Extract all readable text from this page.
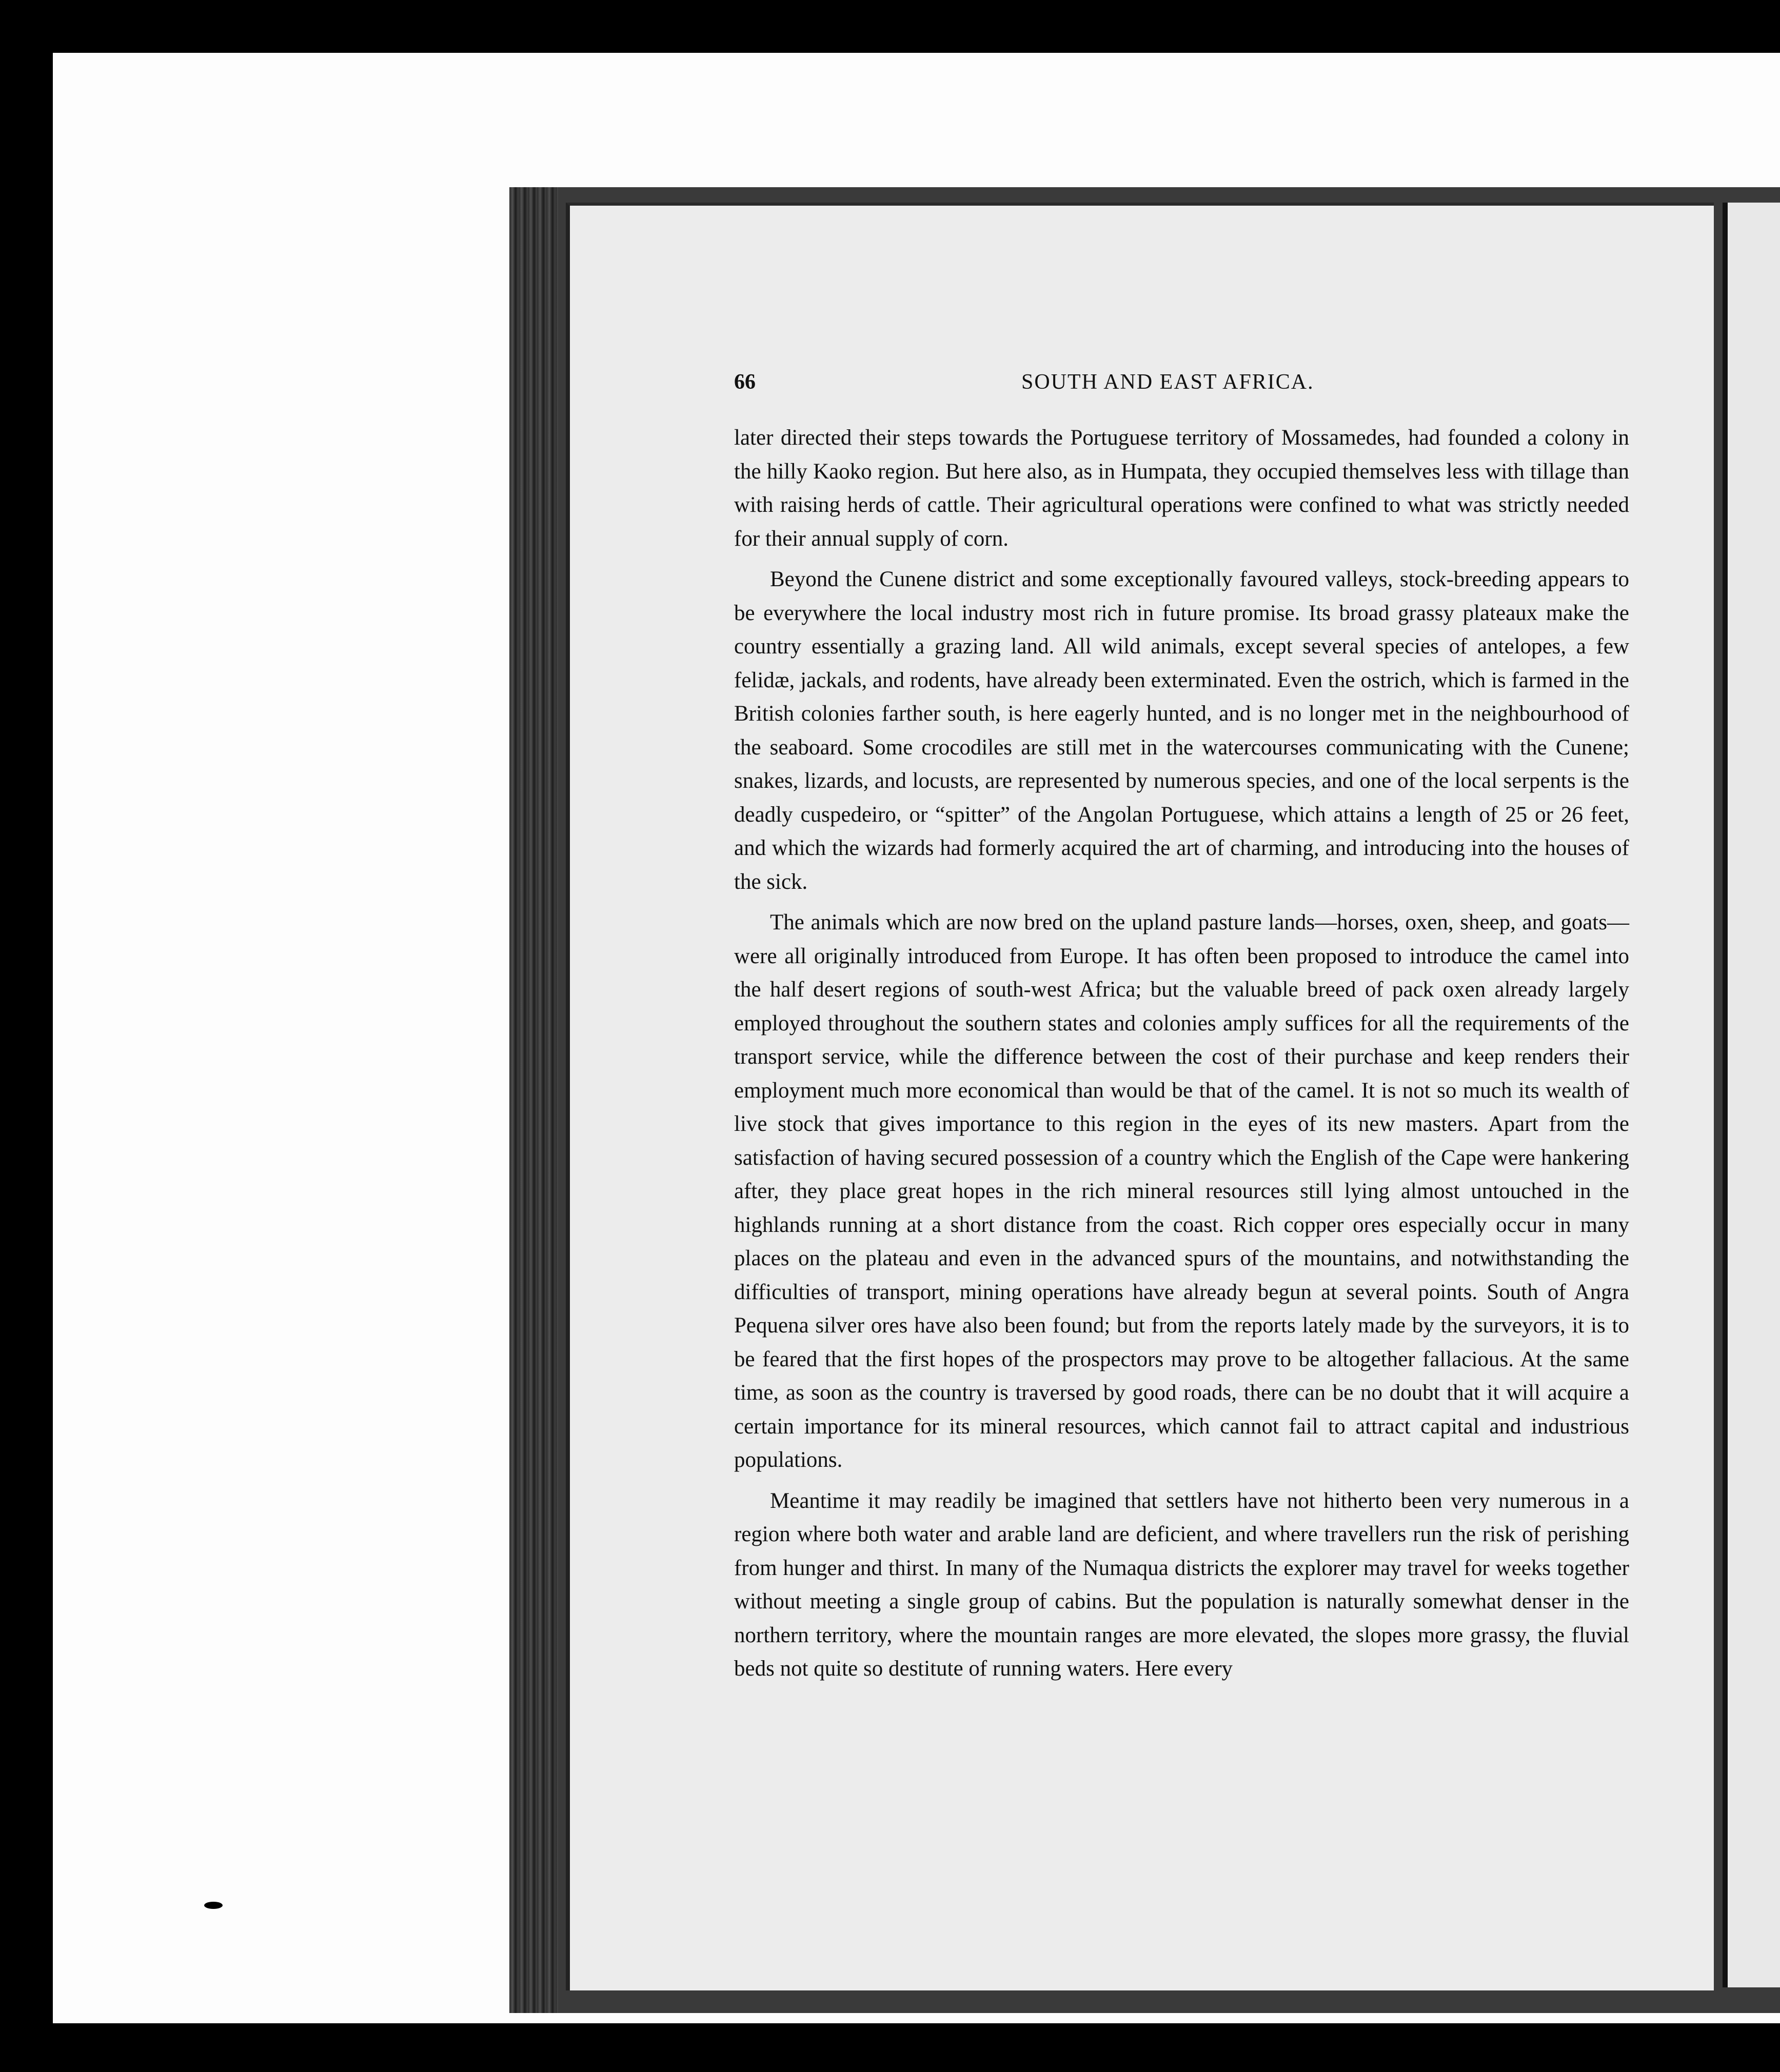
66	SOUTH AND EAST AFRICA.

later directed their steps towards the Portuguese territory of Mossamedes, had founded a colony in the hilly Kaoko region. But here also, as in Humpata, they occupied themselves less with tillage than with raising herds of cattle. Their agricultural operations were confined to what was strictly needed for their annual supply of corn.

Beyond the Cunene district and some exceptionally favoured valleys, stock-breeding appears to be everywhere the local industry most rich in future promise. Its broad grassy plateaux make the country essentially a grazing land. All wild animals, except several species of antelopes, a few felidæ, jackals, and rodents, have already been exterminated. Even the ostrich, which is farmed in the British colonies farther south, is here eagerly hunted, and is no longer met in the neighbourhood of the seaboard. Some crocodiles are still met in the watercourses communicating with the Cunene; snakes, lizards, and locusts, are represented by numerous species, and one of the local serpents is the deadly cuspedeiro, or “spitter” of the Angolan Portuguese, which attains a length of 25 or 26 feet, and which the wizards had formerly acquired the art of charming, and introducing into the houses of the sick.

The animals which are now bred on the upland pasture lands—horses, oxen, sheep, and goats—were all originally introduced from Europe. It has often been proposed to introduce the camel into the half desert regions of south-west Africa; but the valuable breed of pack oxen already largely employed throughout the southern states and colonies amply suffices for all the requirements of the transport service, while the difference between the cost of their purchase and keep renders their employment much more economical than would be that of the camel. It is not so much its wealth of live stock that gives importance to this region in the eyes of its new masters. Apart from the satisfaction of having secured possession of a country which the English of the Cape were hankering after, they place great hopes in the rich mineral resources still lying almost untouched in the highlands running at a short distance from the coast. Rich copper ores especially occur in many places on the plateau and even in the advanced spurs of the mountains, and notwithstanding the difficulties of transport, mining operations have already begun at several points. South of Angra Pequena silver ores have also been found; but from the reports lately made by the surveyors, it is to be feared that the first hopes of the prospectors may prove to be altogether fallacious. At the same time, as soon as the country is traversed by good roads, there can be no doubt that it will acquire a certain importance for its mineral resources, which cannot fail to attract capital and industrious populations.

Meantime it may readily be imagined that settlers have not hitherto been very numerous in a region where both water and arable land are deficient, and where travellers run the risk of perishing from hunger and thirst. In many of the Numaqua districts the explorer may travel for weeks together without meeting a single group of cabins. But the population is naturally somewhat denser in the northern territory, where the mountain ranges are more elevated, the slopes more grassy, the fluvial beds not quite so destitute of running waters. Here every
